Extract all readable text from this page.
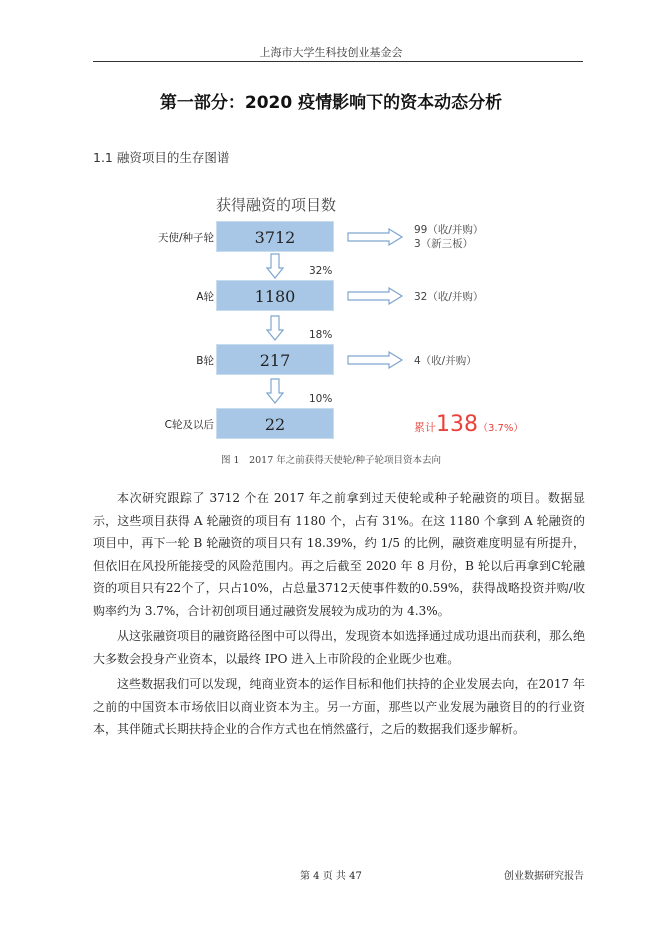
上海市大学生科技创业基金会
第一部分：2020 疫情影响下的资本动态分析
1.1 融资项目的生存图谱
获得融资的项目数
天使/种子轮	3712	99（收/并购）
3（新三板）
32%
A轮	1180	32（收/并购）
18%
B轮	217	4（收/并购）
10%
C轮及以后	22	累计138（3.7%）
图 1　2017 年之前获得天使轮/种子轮项目资本去向

本次研究跟踪了 3712 个在 2017 年之前拿到过天使轮或种子轮融资的项目。数据显示，这些项目获得 A 轮融资的项目有 1180 个，占有 31%。在这 1180 个拿到 A 轮融资的项目中，再下一轮 B 轮融资的项目只有 18.39%，约 1/5 的比例，融资难度明显有所提升，但依旧在风投所能接受的风险范围内。再之后截至 2020 年 8 月份，B 轮以后再拿到C轮融资的项目只有22个了，只占10%，占总量3712天使事件数的0.59%，获得战略投资并购/收购率约为 3.7%，合计初创项目通过融资发展较为成功的为 4.3%。

从这张融资项目的融资路径图中可以得出，发现资本如选择通过成功退出而获利，那么绝大多数会投身产业资本，以最终 IPO 进入上市阶段的企业既少也难。

这些数据我们可以发现，纯商业资本的运作目标和他们扶持的企业发展去向，在2017 年之前的中国资本市场依旧以商业资本为主。另一方面，那些以产业发展为融资目的的行业资本，其伴随式长期扶持企业的合作方式也在悄然盛行，之后的数据我们逐步解析。

第 4 页 共 47	创业数据研究报告
